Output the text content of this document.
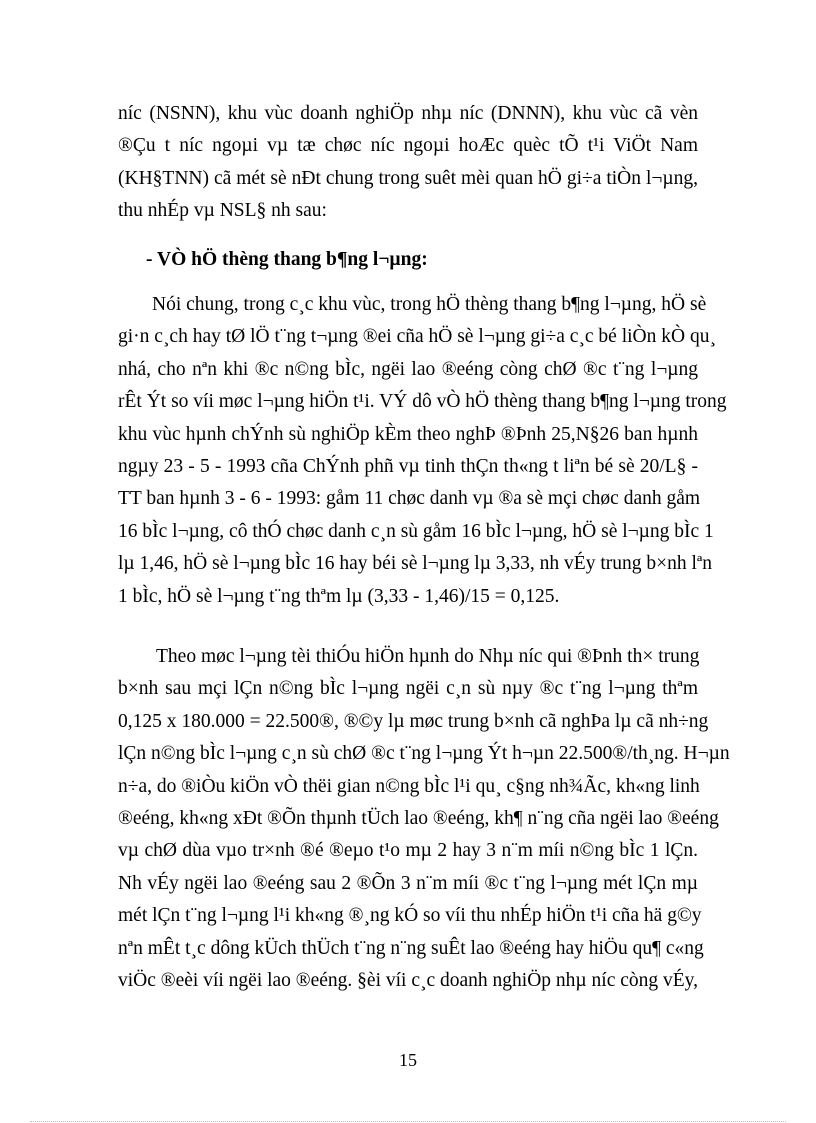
níc (NSNN), khu vùc doanh nghiÖp nhµ níc (DNNN), khu vùc cã vèn
®Çu t níc ngoµi vµ tæ chøc níc ngoµi hoÆc quèc tÕ t¹i ViÖt Nam
(KH§TNN) cã mét sè nÐt chung trong suêt mèi quan hÖ gi÷a tiÒn l¬µng,
thu nhÉp vµ NSL§ nh sau:
- VÒ hÖ thèng thang b¶ng l¬µng:
Nói chung, trong c¸c khu vùc, trong hÖ thèng thang b¶ng l¬µng, hÖ sè
gi·n c¸ch hay tØ lÖ t¨ng t¬µng ®ei cña hÖ sè l¬µng gi÷a c¸c bé liÒn kÒ qu¸
nhá, cho nªn khi ®c n©ng bÌc, ngëi lao ®eéng còng chØ ®c t¨ng l¬µng
rÊt Ýt so víi møc l¬µng hiÖn t¹i. VÝ dô vÒ hÖ thèng thang b¶ng l¬µng trong
khu vùc hµnh chÝnh sù nghiÖp kÈm theo nghÞ ®Þnh 25,N§26 ban hµnh
ngµy 23 - 5 - 1993 cña ChÝnh phñ vµ tinh thÇn th«ng t liªn bé sè 20/L§ -
TT ban hµnh 3 - 6 - 1993: gåm 11 chøc danh vµ ®a sè mçi chøc danh gåm
16 bÌc l¬µng, cô thÓ chøc danh c¸n sù gåm 16 bÌc l¬µng, hÖ sè l¬µng bÌc 1
lµ 1,46, hÖ sè l¬µng bÌc 16 hay béi sè l¬µng lµ 3,33, nh vÉy trung b×nh lªn
1 bÌc, hÖ sè l¬µng t¨ng thªm lµ (3,33 - 1,46)/15 = 0,125.
Theo møc l¬µng tèi thiÓu hiÖn hµnh do Nhµ níc qui ®Þnh th× trung
b×nh sau mçi lÇn n©ng bÌc l¬µng ngëi c¸n sù nµy ®c t¨ng l¬µng thªm
0,125 x 180.000 = 22.500®, ®©y lµ møc trung b×nh cã nghÞa lµ cã nh÷ng
lÇn n©ng bÌc l¬µng c¸n sù chØ ®c t¨ng l¬µng Ýt h¬µn 22.500®/th¸ng. H¬µn
n÷a, do ®iÒu kiÖn vÒ thëi gian n©ng bÌc l¹i qu¸ c§ng nh¾Ãc, kh«ng linh
®eéng, kh«ng xÐt ®Õn thµnh tÜch lao ®eéng, kh¶ n¨ng cña ngëi lao ®eéng
vµ chØ dùa vµo tr×nh ®é ®eµo t¹o mµ 2 hay 3 n¨m míi n©ng bÌc 1 lÇn.
Nh vÉy ngëi lao ®eéng sau 2 ®Õn 3 n¨m míi ®c t¨ng l¬µng mét lÇn mµ
mét lÇn t¨ng l¬µng l¹i kh«ng ®¸ng kÓ so víi thu nhÉp hiÖn t¹i cña hä g©y
nªn mÊt t¸c dông kÜch thÜch t¨ng n¨ng suÊt lao ®eéng hay hiÖu qu¶ c«ng
viÖc ®eèi víi ngëi lao ®eéng. §èi víi c¸c doanh nghiÖp nhµ níc còng vÉy,
15
